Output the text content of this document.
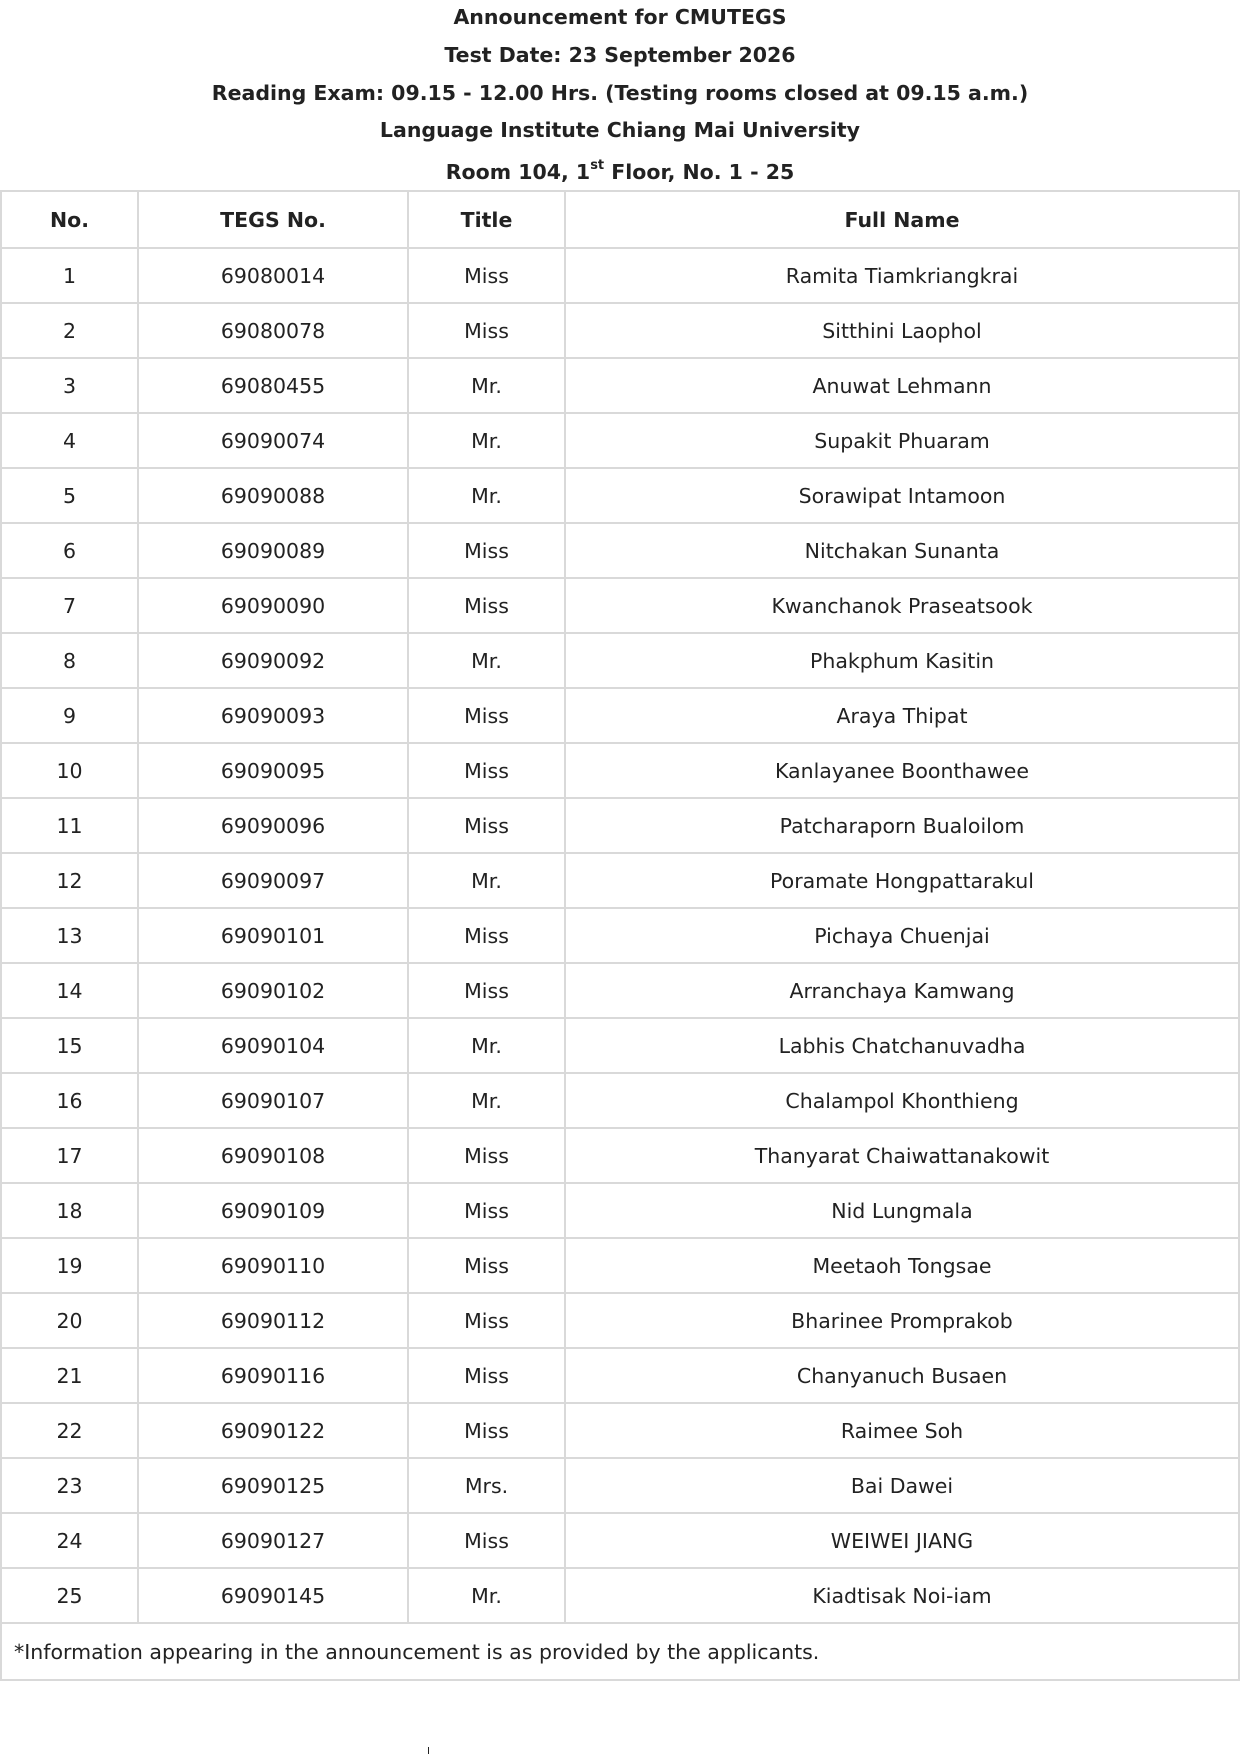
Announcement for CMUTEGS
Test Date: 23 September 2026
Reading Exam: 09.15 - 12.00 Hrs. (Testing rooms closed at 09.15 a.m.)
Language Institute Chiang Mai University
Room 104, 1st Floor, No. 1 - 25
No.	TEGS No.	Title	Full Name
1	69080014	Miss	Ramita Tiamkriangkrai
2	69080078	Miss	Sitthini Laophol
3	69080455	Mr.	Anuwat Lehmann
4	69090074	Mr.	Supakit Phuaram
5	69090088	Mr.	Sorawipat Intamoon
6	69090089	Miss	Nitchakan Sunanta
7	69090090	Miss	Kwanchanok Praseatsook
8	69090092	Mr.	Phakphum Kasitin
9	69090093	Miss	Araya Thipat
10	69090095	Miss	Kanlayanee Boonthawee
11	69090096	Miss	Patcharaporn Bualoilom
12	69090097	Mr.	Poramate Hongpattarakul
13	69090101	Miss	Pichaya Chuenjai
14	69090102	Miss	Arranchaya Kamwang
15	69090104	Mr.	Labhis Chatchanuvadha
16	69090107	Mr.	Chalampol Khonthieng
17	69090108	Miss	Thanyarat Chaiwattanakowit
18	69090109	Miss	Nid Lungmala
19	69090110	Miss	Meetaoh Tongsae
20	69090112	Miss	Bharinee Promprakob
21	69090116	Miss	Chanyanuch Busaen
22	69090122	Miss	Raimee Soh
23	69090125	Mrs.	Bai Dawei
24	69090127	Miss	WEIWEI JIANG
25	69090145	Mr.	Kiadtisak Noi-iam
*Information appearing in the announcement is as provided by the applicants.			
